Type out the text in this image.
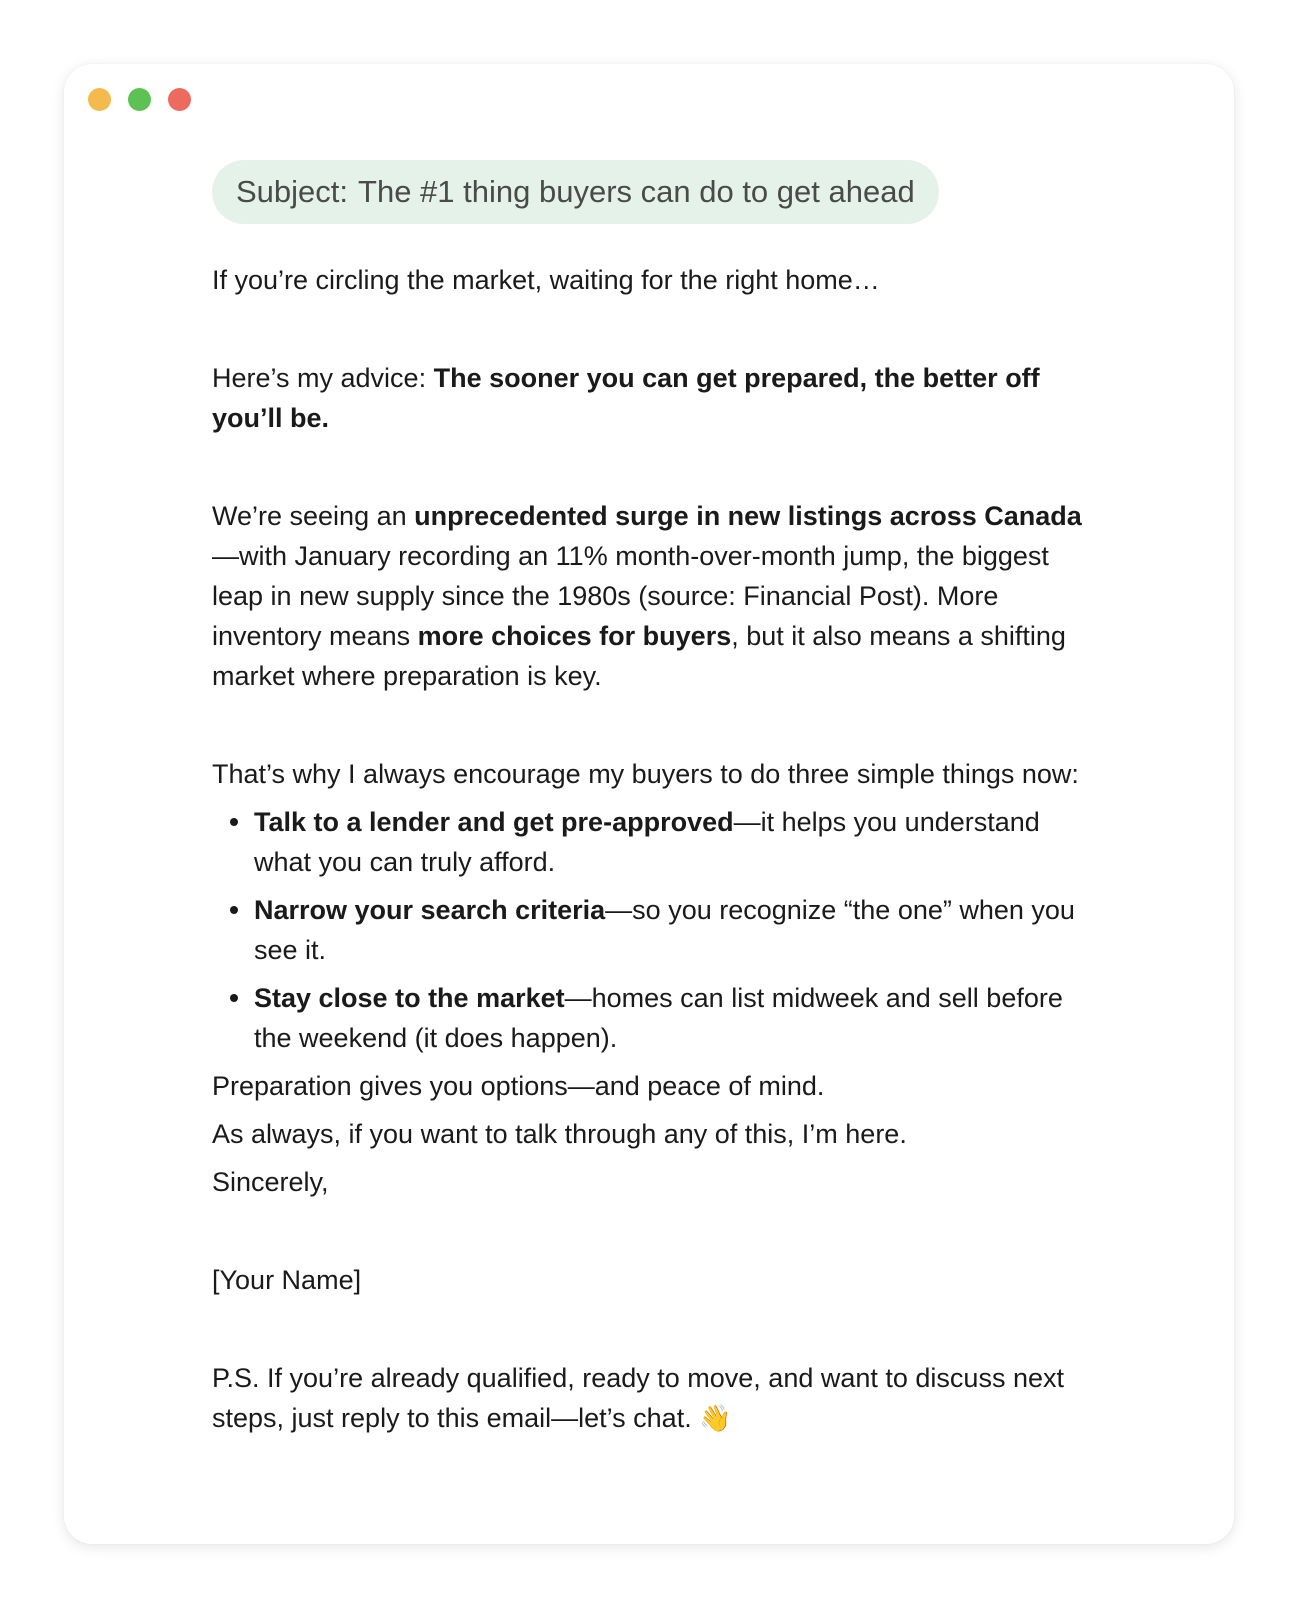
Subject: The #1 thing buyers can do to get ahead

If you’re circling the market, waiting for the right home…

Here’s my advice: The sooner you can get prepared, the better off you’ll be.

We’re seeing an unprecedented surge in new listings across Canada—with January recording an 11% month-over-month jump, the biggest leap in new supply since the 1980s (source: Financial Post). More inventory means more choices for buyers, but it also means a shifting market where preparation is key.

That’s why I always encourage my buyers to do three simple things now:

Talk to a lender and get pre-approved—it helps you understand what you can truly afford.
Narrow your search criteria—so you recognize “the one” when you see it.
Stay close to the market—homes can list midweek and sell before the weekend (it does happen).

Preparation gives you options—and peace of mind.

As always, if you want to talk through any of this, I’m here.

Sincerely,

[Your Name]

P.S. If you’re already qualified, ready to move, and want to discuss next steps, just reply to this email—let’s chat. 👋
